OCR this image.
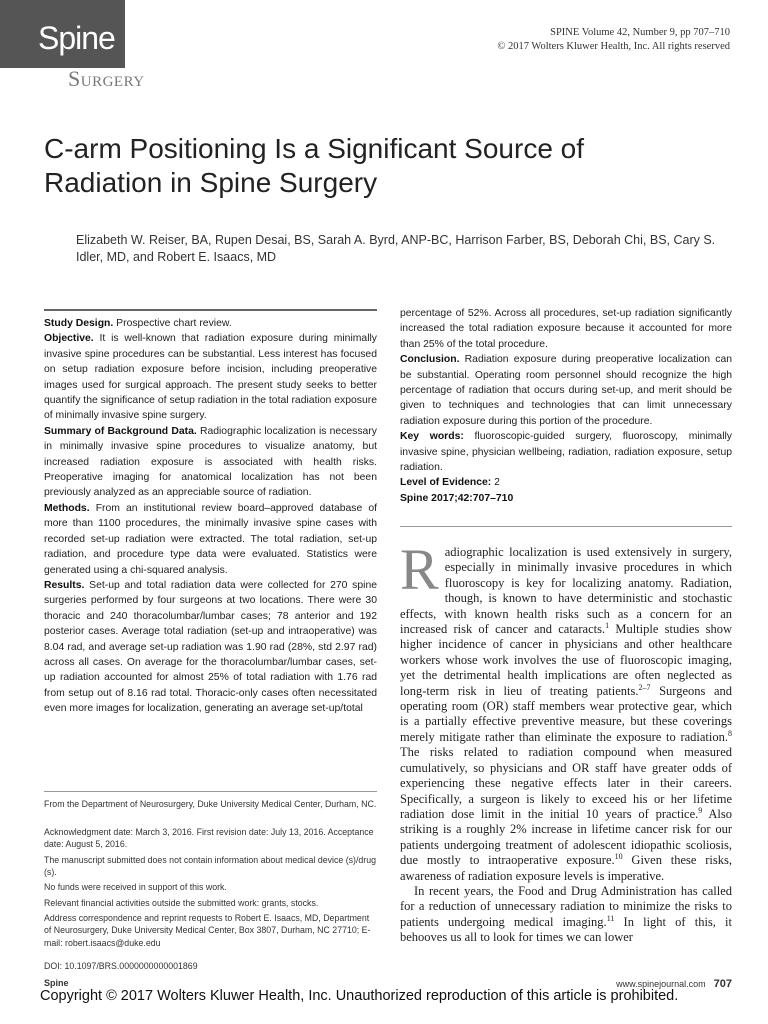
Spine
Surgery
SPINE Volume 42, Number 9, pp 707–710
© 2017 Wolters Kluwer Health, Inc. All rights reserved
C-arm Positioning Is a Significant Source of Radiation in Spine Surgery
Elizabeth W. Reiser, BA, Rupen Desai, BS, Sarah A. Byrd, ANP-BC, Harrison Farber, BS, Deborah Chi, BS, Cary S. Idler, MD, and Robert E. Isaacs, MD

Study Design. Prospective chart review.

Objective. It is well-known that radiation exposure during minimally invasive spine procedures can be substantial. Less interest has focused on setup radiation exposure before incision, including preoperative images used for surgical approach. The present study seeks to better quantify the significance of setup radiation in the total radiation exposure of minimally invasive spine surgery.

Summary of Background Data. Radiographic localization is necessary in minimally invasive spine procedures to visualize anatomy, but increased radiation exposure is associated with health risks. Preoperative imaging for anatomical localization has not been previously analyzed as an appreciable source of radiation.

Methods. From an institutional review board–approved database of more than 1100 procedures, the minimally invasive spine cases with recorded set-up radiation were extracted. The total radiation, set-up radiation, and procedure type data were evaluated. Statistics were generated using a chi-squared analysis.

Results. Set-up and total radiation data were collected for 270 spine surgeries performed by four surgeons at two locations. There were 30 thoracic and 240 thoracolumbar/lumbar cases; 78 anterior and 192 posterior cases. Average total radiation (set-up and intraoperative) was 8.04 rad, and average set-up radiation was 1.90 rad (28%, std 2.97 rad) across all cases. On average for the thoracolumbar/lumbar cases, set-up radiation accounted for almost 25% of total radiation with 1.76 rad from setup out of 8.16 rad total. Thoracic-only cases often necessitated even more images for localization, generating an average set-up/total

percentage of 52%. Across all procedures, set-up radiation significantly increased the total radiation exposure because it accounted for more than 25% of the total procedure.

Conclusion. Radiation exposure during preoperative localization can be substantial. Operating room personnel should recognize the high percentage of radiation that occurs during set-up, and merit should be given to techniques and technologies that can limit unnecessary radiation exposure during this portion of the procedure.

Key words: fluoroscopic-guided surgery, fluoroscopy, minimally invasive spine, physician wellbeing, radiation, radiation exposure, setup radiation.

Level of Evidence: 2

Spine 2017;42:707–710

From the Department of Neurosurgery, Duke University Medical Center, Durham, NC.
Acknowledgment date: March 3, 2016. First revision date: July 13, 2016. Acceptance date: August 5, 2016.
The manuscript submitted does not contain information about medical device (s)/drug (s).
No funds were received in support of this work.
Relevant financial activities outside the submitted work: grants, stocks.
Address correspondence and reprint requests to Robert E. Isaacs, MD, Department of Neurosurgery, Duke University Medical Center, Box 3807, Durham, NC 27710; E-mail: robert.isaacs@duke.edu
DOI: 10.1097/BRS.0000000000001869

Radiographic localization is used extensively in surgery, especially in minimally invasive procedures in which fluoroscopy is key for localizing anatomy. Radiation, though, is known to have deterministic and stochastic effects, with known health risks such as a concern for an increased risk of cancer and cataracts.$^1$ Multiple studies show higher incidence of cancer in physicians and other healthcare workers whose work involves the use of fluoroscopic imaging, yet the detrimental health implications are often neglected as long-term risk in lieu of treating patients.$^{2-7}$ Surgeons and operating room (OR) staff members wear protective gear, which is a partially effective preventive measure, but these coverings merely mitigate rather than eliminate the exposure to radiation.$^8$ The risks related to radiation compound when measured cumulatively, so physicians and OR staff have greater odds of experiencing these negative effects later in their careers. Specifically, a surgeon is likely to exceed his or her lifetime radiation dose limit in the initial 10 years of practice.$^9$ Also striking is a roughly 2% increase in lifetime cancer risk for our patients undergoing treatment of adolescent idiopathic scoliosis, due mostly to intraoperative exposure.$^{10}$ Given these risks, awareness of radiation exposure levels is imperative.

In recent years, the Food and Drug Administration has called for a reduction of unnecessary radiation to minimize the risks to patients undergoing medical imaging.$^{11}$ In light of this, it behooves us all to look for times we can lower

Spine	www.spinejournal.com 707
Copyright © 2017 Wolters Kluwer Health, Inc. Unauthorized reproduction of this article is prohibited.
